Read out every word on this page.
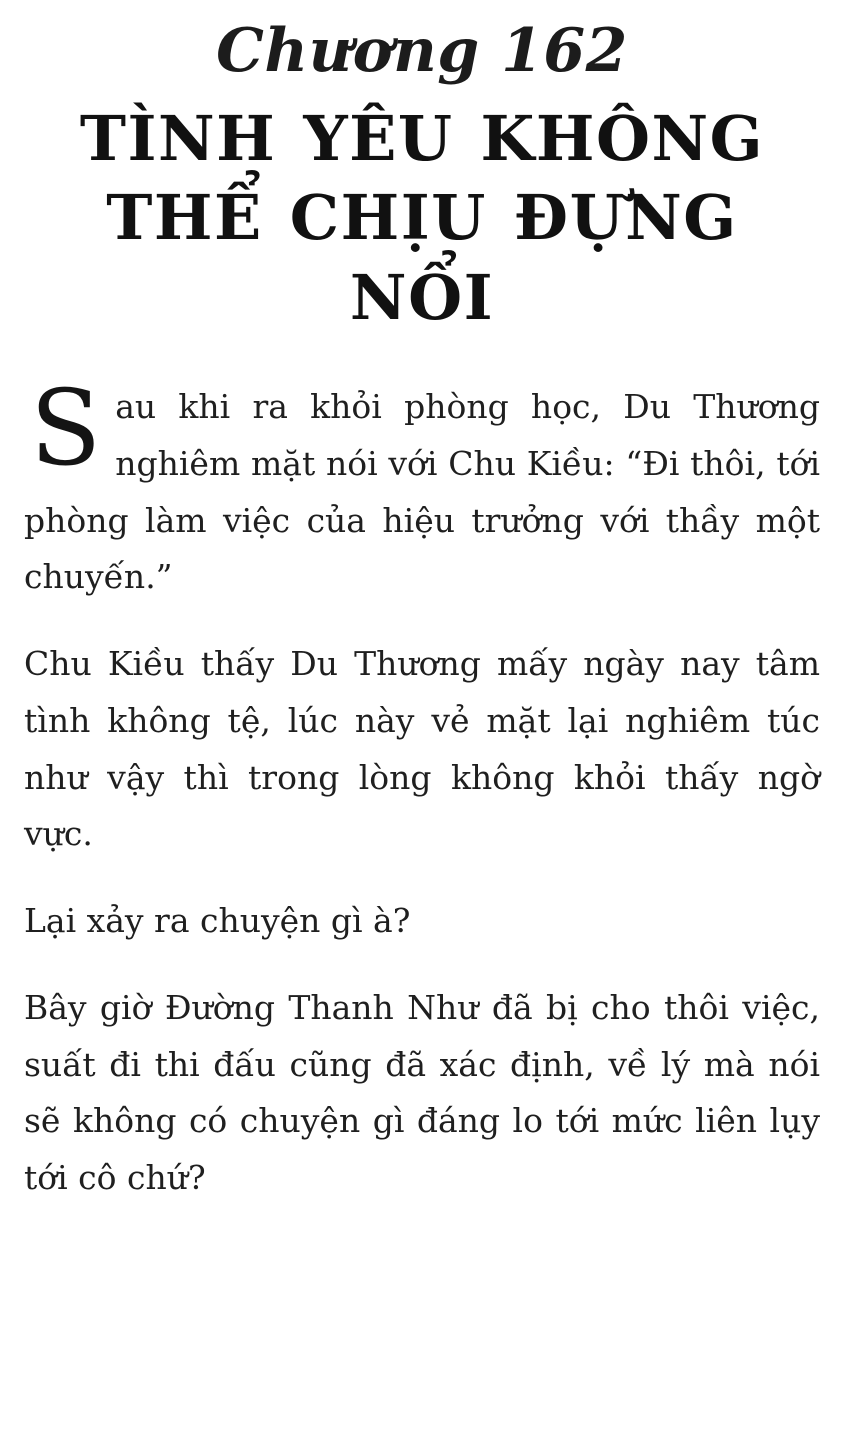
Chương 162
TÌNH YÊU KHÔNG THỂ CHỊU ĐỰNG NỔI

Sau khi ra khỏi phòng học, Du Thương nghiêm mặt nói với Chu Kiều: “Đi thôi, tới phòng làm việc của hiệu trưởng với thầy một chuyến.”

Chu Kiều thấy Du Thương mấy ngày nay tâm tình không tệ, lúc này vẻ mặt lại nghiêm túc như vậy thì trong lòng không khỏi thấy ngờ vực.

Lại xảy ra chuyện gì à?

Bây giờ Đường Thanh Như đã bị cho thôi việc, suất đi thi đấu cũng đã xác định, về lý mà nói sẽ không có chuyện gì đáng lo tới mức liên lụy tới cô chứ?
